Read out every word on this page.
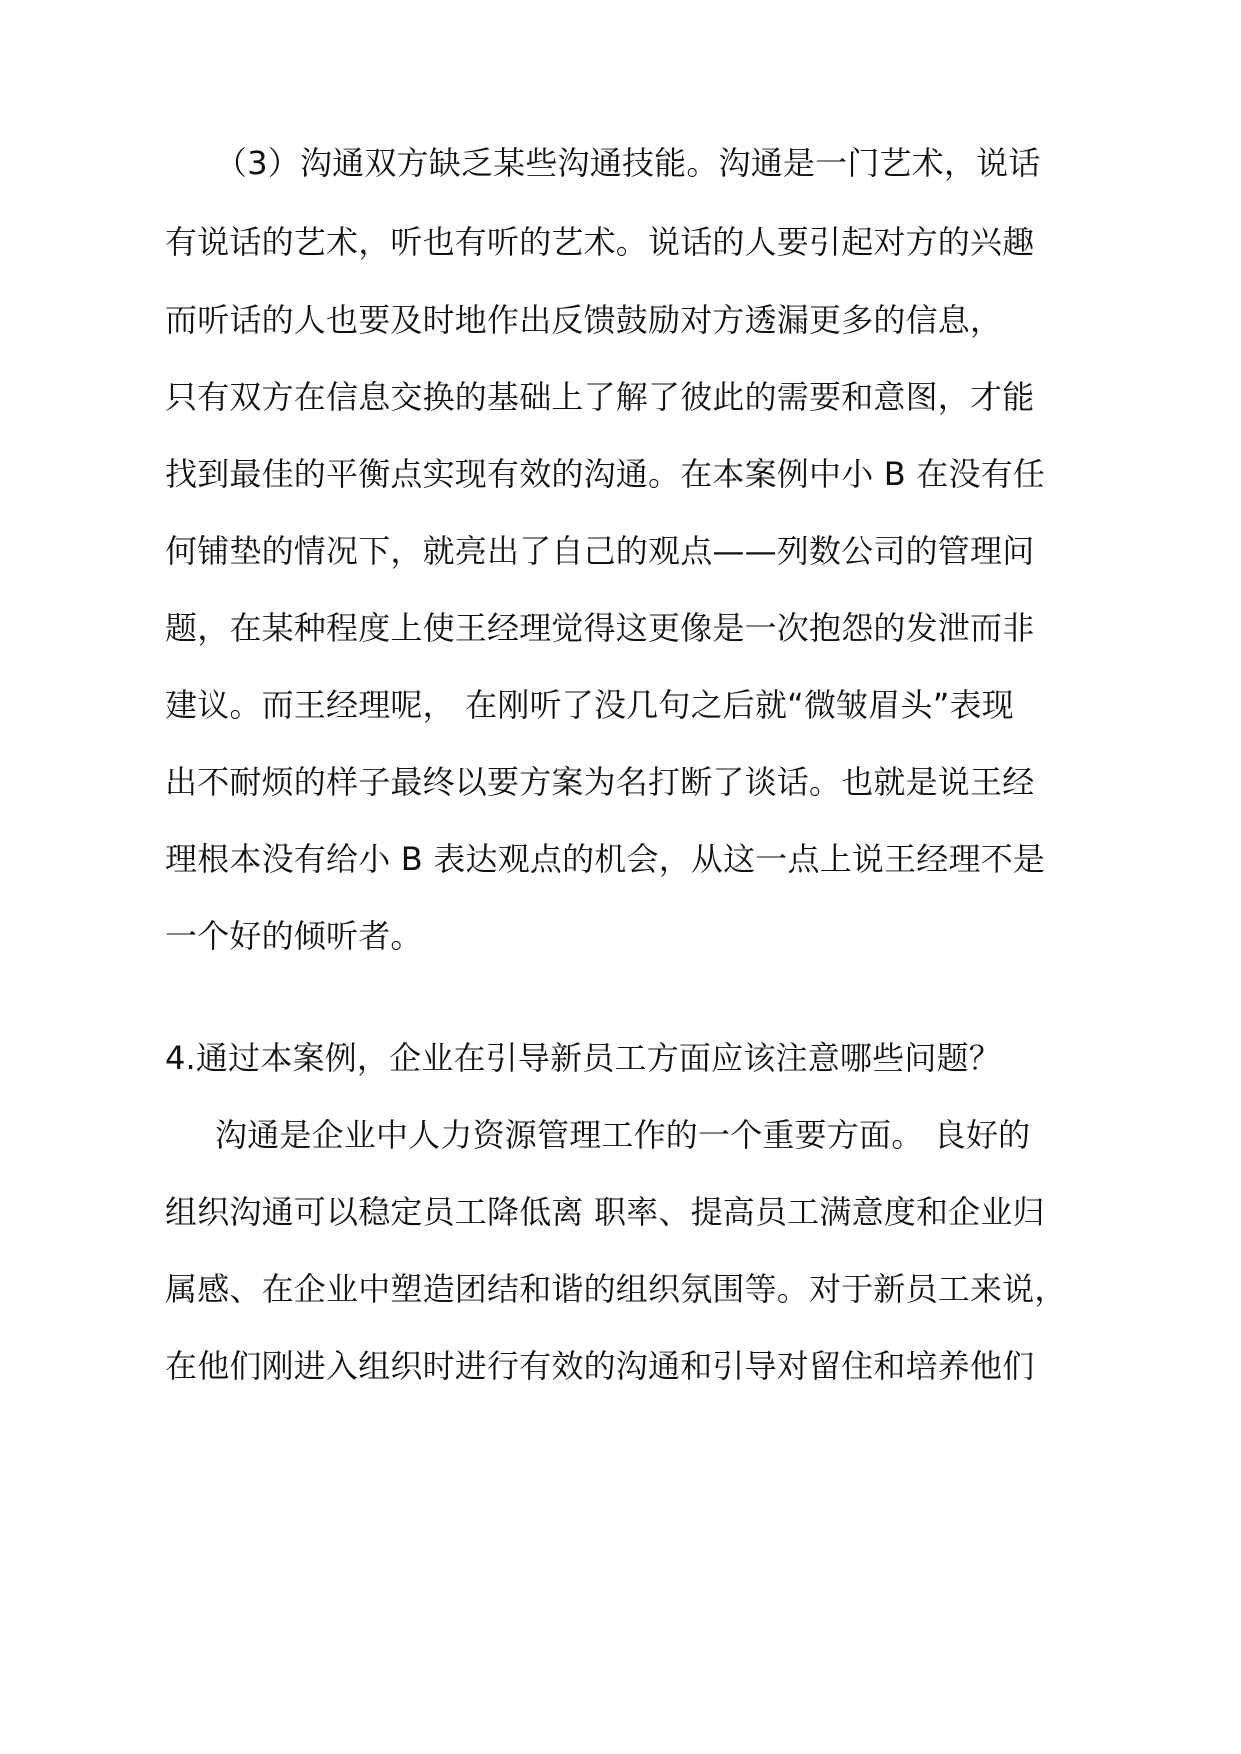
（3）沟通双方缺乏某些沟通技能。沟通是一门艺术，说话
有说话的艺术，听也有听的艺术。说话的人要引起对方的兴趣
而听话的人也要及时地作出反馈鼓励对方透漏更多的信息，
只有双方在信息交换的基础上了解了彼此的需要和意图，才能
找到最佳的平衡点实现有效的沟通。在本案例中小 B 在没有任
何铺垫的情况下，就亮出了自己的观点——列数公司的管理问
题，在某种程度上使王经理觉得这更像是一次抱怨的发泄而非
建议。而王经理呢， 在刚听了没几句之后就“微皱眉头”表现
出不耐烦的样子最终以要方案为名打断了谈话。也就是说王经
理根本没有给小 B 表达观点的机会，从这一点上说王经理不是
一个好的倾听者。
4.通过本案例，企业在引导新员工方面应该注意哪些问题？
沟通是企业中人力资源管理工作的一个重要方面。 良好的
组织沟通可以稳定员工降低离 职率、提高员工满意度和企业归
属感、在企业中塑造团结和谐的组织氛围等。对于新员工来说，
在他们刚进入组织时进行有效的沟通和引导对留住和培养他们
